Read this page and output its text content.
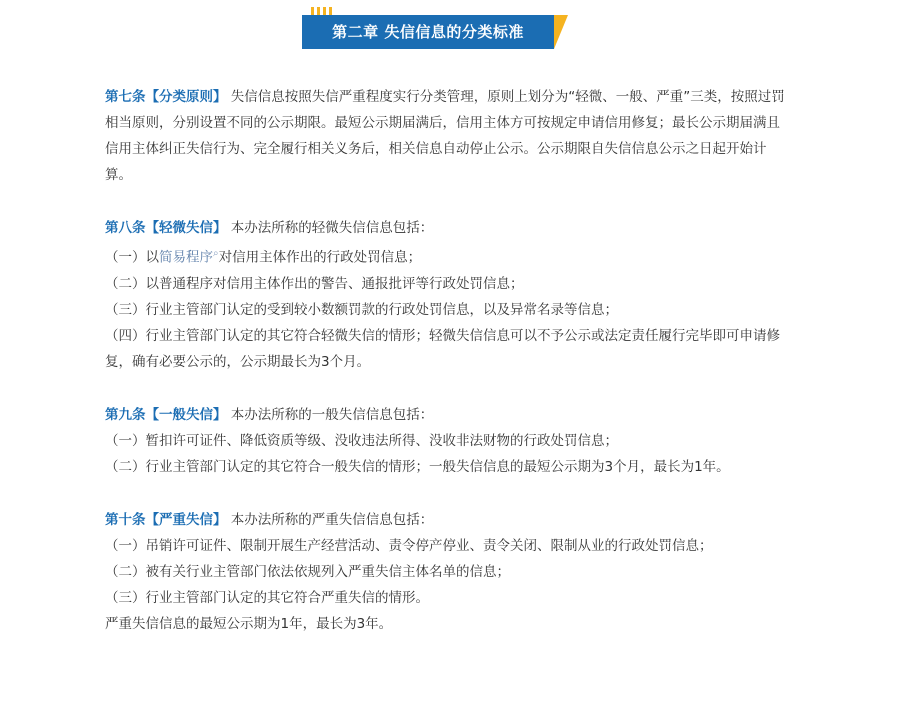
第二章 失信信息的分类标准

第七条【分类原则】 失信信息按照失信严重程度实行分类管理，原则上划分为“轻微、一般、严重”三类，按照过罚相当原则，分别设置不同的公示期限。最短公示期届满后，信用主体方可按规定申请信用修复；最长公示期届满且信用主体纠正失信行为、完全履行相关义务后，相关信息自动停止公示。公示期限自失信信息公示之日起开始计算。

第八条【轻微失信】 本办法所称的轻微失信信息包括：

（一）以简易程序⌕对信用主体作出的行政处罚信息；

（二）以普通程序对信用主体作出的警告、通报批评等行政处罚信息；

（三）行业主管部门认定的受到较小数额罚款的行政处罚信息，以及异常名录等信息；

（四）行业主管部门认定的其它符合轻微失信的情形；轻微失信信息可以不予公示或法定责任履行完毕即可申请修复，确有必要公示的，公示期最长为3个月。

第九条【一般失信】 本办法所称的一般失信信息包括：

（一）暂扣许可证件、降低资质等级、没收违法所得、没收非法财物的行政处罚信息；

（二）行业主管部门认定的其它符合一般失信的情形；一般失信信息的最短公示期为3个月，最长为1年。

第十条【严重失信】 本办法所称的严重失信信息包括：

（一）吊销许可证件、限制开展生产经营活动、责令停产停业、责令关闭、限制从业的行政处罚信息；

（二）被有关行业主管部门依法依规列入严重失信主体名单的信息；

（三）行业主管部门认定的其它符合严重失信的情形。

严重失信信息的最短公示期为1年，最长为3年。
